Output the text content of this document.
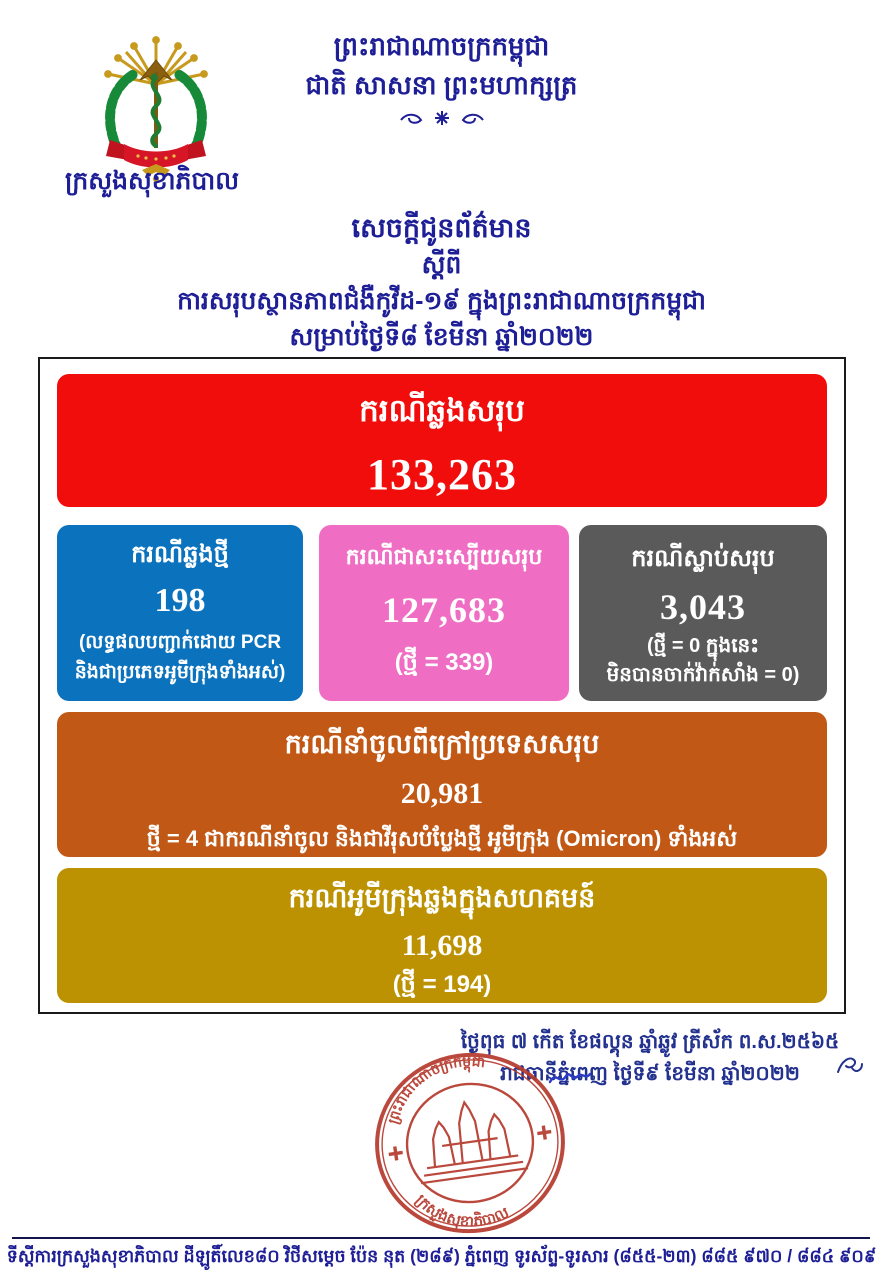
ក្រសួងសុខាភិបាល
ព្រះរាជាណាចក្រកម្ពុជា
ជាតិ សាសនា ព្រះមហាក្សត្រ
សេចក្តីជូនព័ត៌មាន
ស្តីពី
ការសរុបស្ថានភាពជំងឺកូវីដ-១៩ ក្នុងព្រះរាជាណាចក្រកម្ពុជា
សម្រាប់ថ្ងៃទី៨ ខែមីនា ឆ្នាំ២០២២
ករណីឆ្លងសរុប
133,263
ករណីឆ្លងថ្មី
198
(លទ្ធផលបញ្ជាក់ដោយ PCR
និងជាប្រភេទអូមីក្រុងទាំងអស់)
ករណីជាសះស្បើយសរុប
127,683
(ថ្មី = 339)
ករណីស្លាប់សរុប
3,043
(ថ្មី = 0 ក្នុងនេះ
មិនបានចាក់វ៉ាក់សាំង = 0)
ករណីនាំចូលពីក្រៅប្រទេសសរុប
20,981
ថ្មី = 4 ជាករណីនាំចូល និងជាវីរុសបំប្លែងថ្មី អូមីក្រុង (Omicron) ទាំងអស់
ករណីអូមីក្រុងឆ្លងក្នុងសហគមន៍
11,698
(ថ្មី = 194)
ថ្ងៃពុធ ៧ កើត ខែផល្គុន ឆ្នាំឆ្លូវ ត្រីស័ក ព.ស.២៥៦៥
រាជធានីភ្នំពេញ ថ្ងៃទី៩ ខែមីនា ឆ្នាំ២០២២
ព្រះរាជាណាចក្រកម្ពុជា
ក្រសួងសុខាភិបាល
ទីស្តីការក្រសួងសុខាភិបាល ដីឡូតិ៍លេខ៨០ វិថីសម្តេច ប៉ែន នុត (២៨៩) ភ្នំពេញ ទូរស័ព្ទ-ទូរសារ (៨៥៥-២៣) ៨៨៥ ៩៧០ / ៨៨៤ ៩០៩
